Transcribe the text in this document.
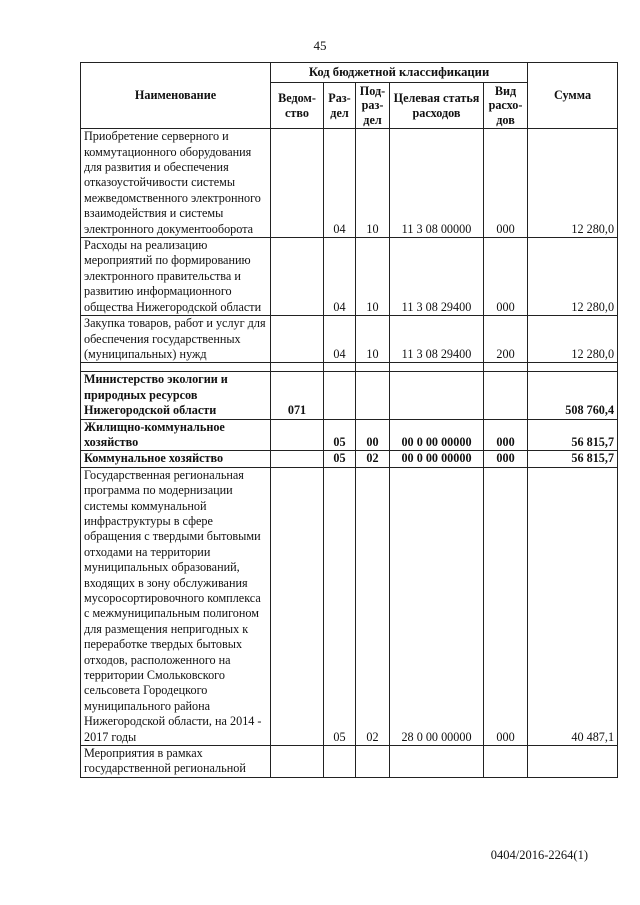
45
Наименование	Код бюджетной классификации					Сумма
	Ведом-ство	Раз-дел	Под-раз-дел	Целевая статья расходов	Вид расхо-дов	
Приобретение серверного и коммутационного оборудования для развития и обеспечения отказоустойчивости системы межведомственного электронного взаимодействия и системы электронного документооборота		04	10	11 3 08 00000	000	12 280,0
Расходы на реализацию мероприятий по формированию электронного правительства и развитию информационного общества Нижегородской области		04	10	11 3 08 29400	000	12 280,0
Закупка товаров, работ и услуг для обеспечения государственных (муниципальных) нужд		04	10	11 3 08 29400	200	12 280,0

Министерство экологии и природных ресурсов Нижегородской области	071					508 760,4
Жилищно-коммунальное хозяйство		05	00	00 0 00 00000	000	56 815,7
Коммунальное хозяйство		05	02	00 0 00 00000	000	56 815,7
Государственная региональная программа по модернизации системы коммунальной инфраструктуры в сфере обращения с твердыми бытовыми отходами на территории муниципальных образований, входящих в зону обслуживания мусоросортировочного комплекса с межмуниципальным полигоном для размещения непригодных к переработке твердых бытовых отходов, расположенного на территории Смольковского сельсовета Городецкого муниципального района Нижегородской области, на 2014 - 2017 годы		05	02	28 0 00 00000	000	40 487,1
Мероприятия в рамках государственной региональной						
0404/2016-2264(1)
